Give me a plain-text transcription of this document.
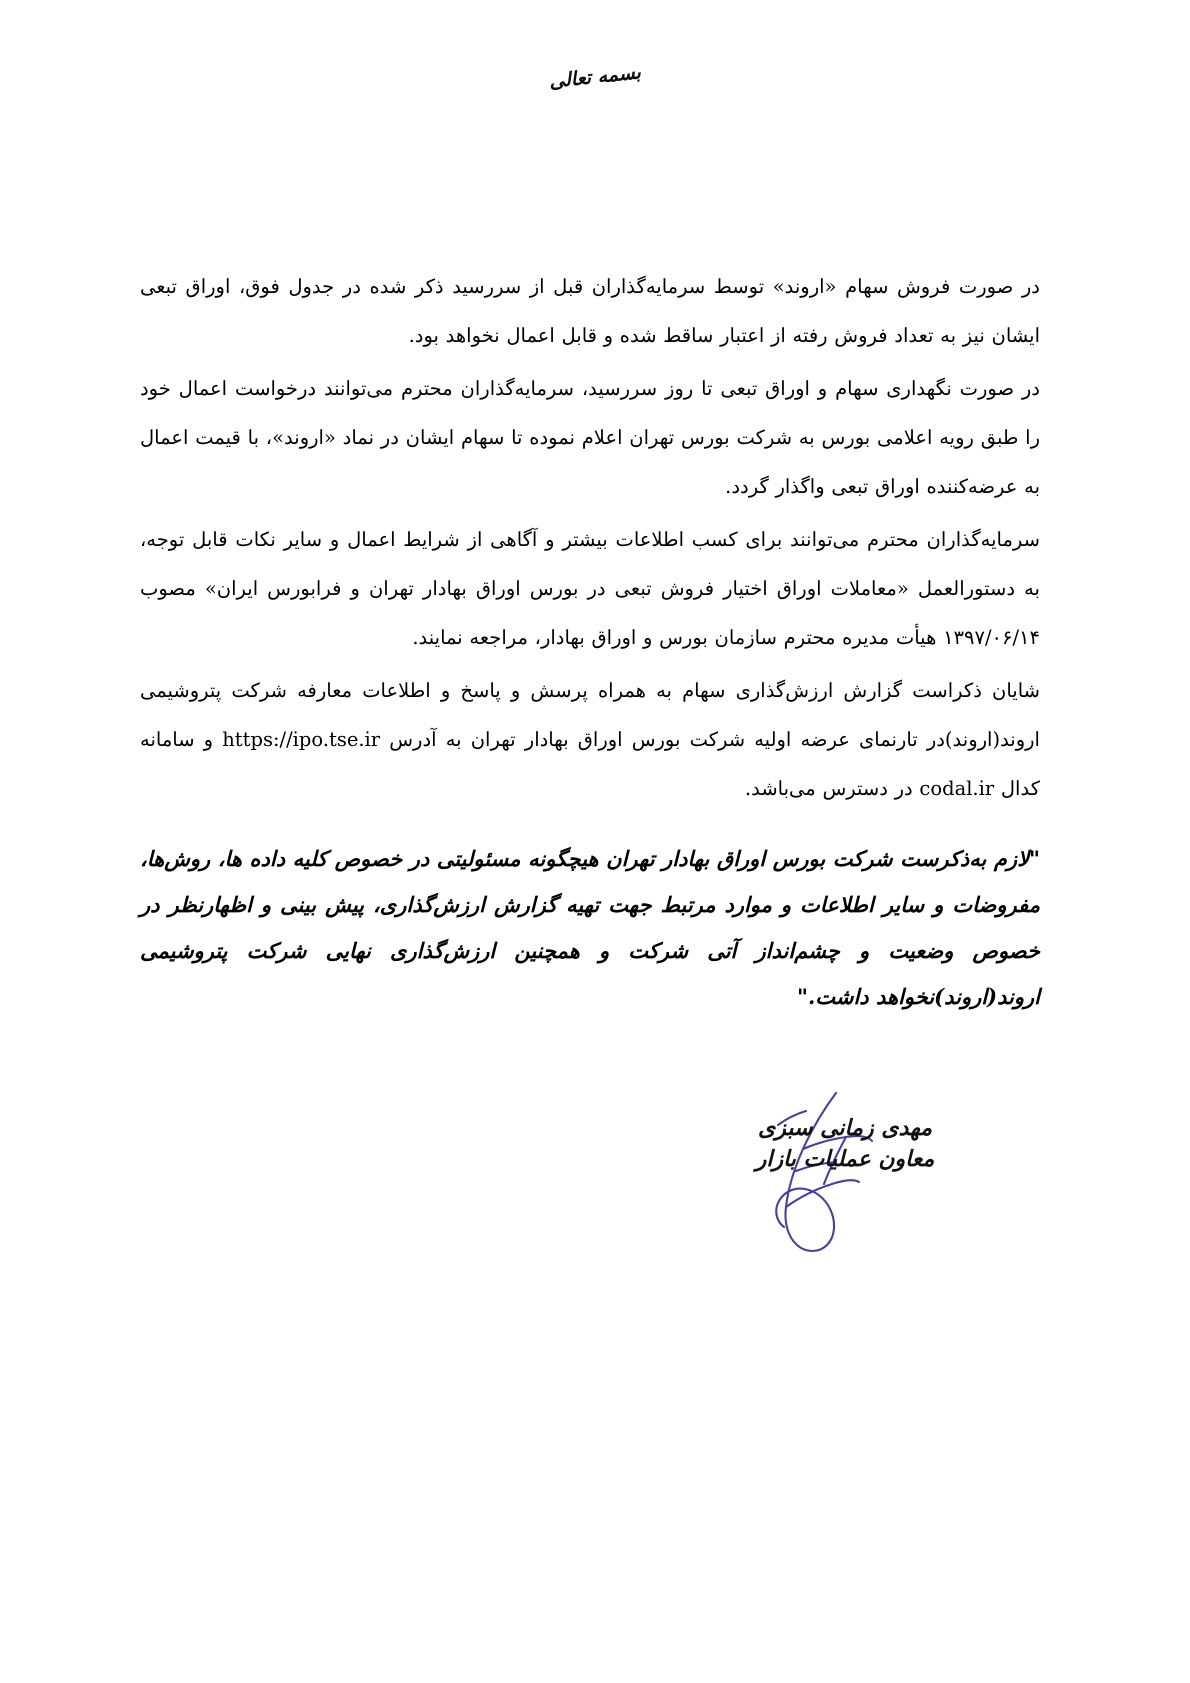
بسمه تعالی

در صورت فروش سهام «اروند» توسط سرمایه‌گذاران قبل از سررسید ذکر شده در جدول فوق، اوراق تبعی ایشان نیز به تعداد فروش رفته از اعتبار ساقط شده و قابل اعمال نخواهد بود.

در صورت نگهداری سهام و اوراق تبعی تا روز سررسید، سرمایه‌گذاران محترم می‌توانند درخواست اعمال خود را طبق رویه اعلامی بورس به شرکت بورس تهران اعلام نموده تا سهام ایشان در نماد «اروند»، با قیمت اعمال به عرضه‌کننده اوراق تبعی واگذار گردد.

سرمایه‌گذاران محترم می‌توانند برای کسب اطلاعات بیشتر و آگاهی از شرایط اعمال و سایر نکات قابل توجه، به دستورالعمل «معاملات اوراق اختیار فروش تبعی در بورس اوراق بهادار تهران و فرابورس ایران» مصوب ۱۳۹۷/۰۶/۱۴ هیأت مدیره محترم سازمان بورس و اوراق بهادار، مراجعه نمایند.

شایان ذکراست گزارش ارزش‌گذاری سهام به همراه پرسش و پاسخ و اطلاعات معارفه شرکت پتروشیمی اروند(اروند)در تارنمای عرضه اولیه شرکت بورس اوراق بهادار تهران به آدرس https://ipo.tse.ir و سامانه کدال codal.ir در دسترس می‌باشد.

"لازم به‌ذکرست شرکت بورس اوراق بهادار تهران هیچگونه مسئولیتی در خصوص کلیه داده ها، روش‌ها، مفروضات و سایر اطلاعات و موارد مرتبط جهت تهیه گزارش ارزش‌گذاری، پیش بینی و اظهارنظر در خصوص وضعیت و چشم‌انداز آتی شرکت و همچنین ارزش‌گذاری نهایی شرکت پتروشیمی اروند(اروند)نخواهد داشت."
مهدی زمانی سبزی
معاون عملیات بازار
